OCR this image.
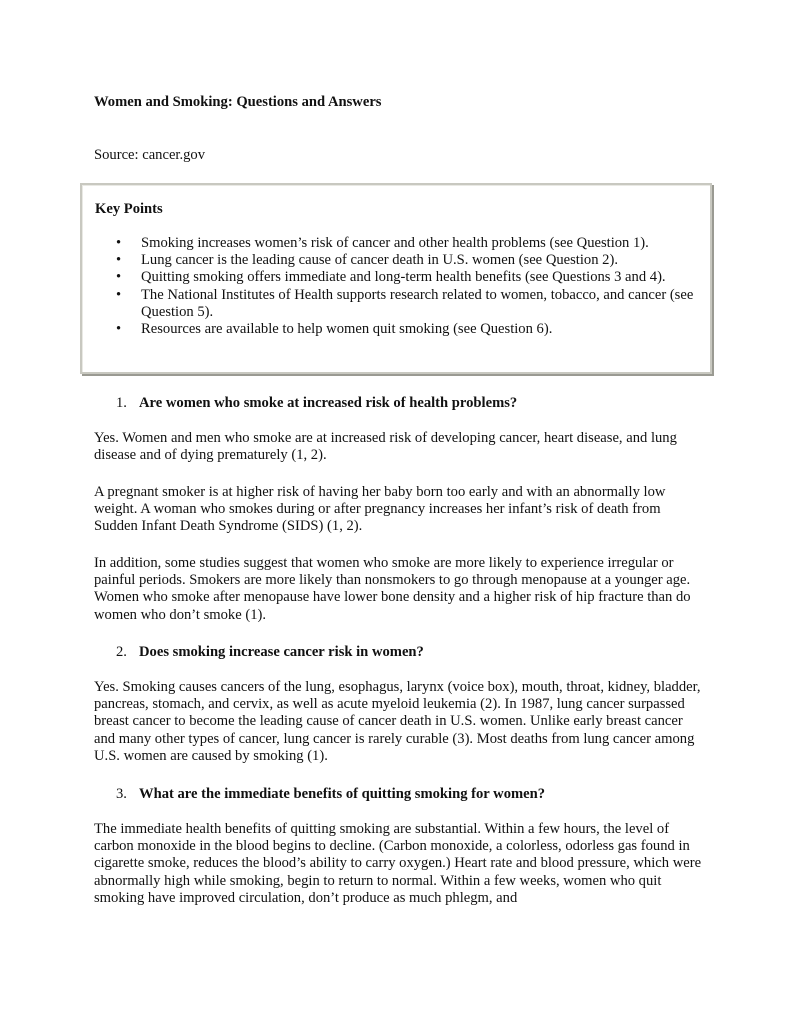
Women and Smoking: Questions and Answers

Source: cancer.gov

Key Points
• Smoking increases women’s risk of cancer and other health problems (see Question 1).
• Lung cancer is the leading cause of cancer death in U.S. women (see Question 2).
• Quitting smoking offers immediate and long-term health benefits (see Questions 3 and 4).
• The National Institutes of Health supports research related to women, tobacco, and cancer (see Question 5).
• Resources are available to help women quit smoking (see Question 6).

1. Are women who smoke at increased risk of health problems?

Yes. Women and men who smoke are at increased risk of developing cancer, heart disease, and lung disease and of dying prematurely (1, 2).

A pregnant smoker is at higher risk of having her baby born too early and with an abnormally low weight. A woman who smokes during or after pregnancy increases her infant’s risk of death from Sudden Infant Death Syndrome (SIDS) (1, 2).

In addition, some studies suggest that women who smoke are more likely to experience irregular or painful periods. Smokers are more likely than nonsmokers to go through menopause at a younger age. Women who smoke after menopause have lower bone density and a higher risk of hip fracture than do women who don’t smoke (1).

2. Does smoking increase cancer risk in women?

Yes. Smoking causes cancers of the lung, esophagus, larynx (voice box), mouth, throat, kidney, bladder, pancreas, stomach, and cervix, as well as acute myeloid leukemia (2). In 1987, lung cancer surpassed breast cancer to become the leading cause of cancer death in U.S. women. Unlike early breast cancer and many other types of cancer, lung cancer is rarely curable (3). Most deaths from lung cancer among U.S. women are caused by smoking (1).

3. What are the immediate benefits of quitting smoking for women?

The immediate health benefits of quitting smoking are substantial. Within a few hours, the level of carbon monoxide in the blood begins to decline. (Carbon monoxide, a colorless, odorless gas found in cigarette smoke, reduces the blood’s ability to carry oxygen.) Heart rate and blood pressure, which were abnormally high while smoking, begin to return to normal. Within a few weeks, women who quit smoking have improved circulation, don’t produce as much phlegm, and
